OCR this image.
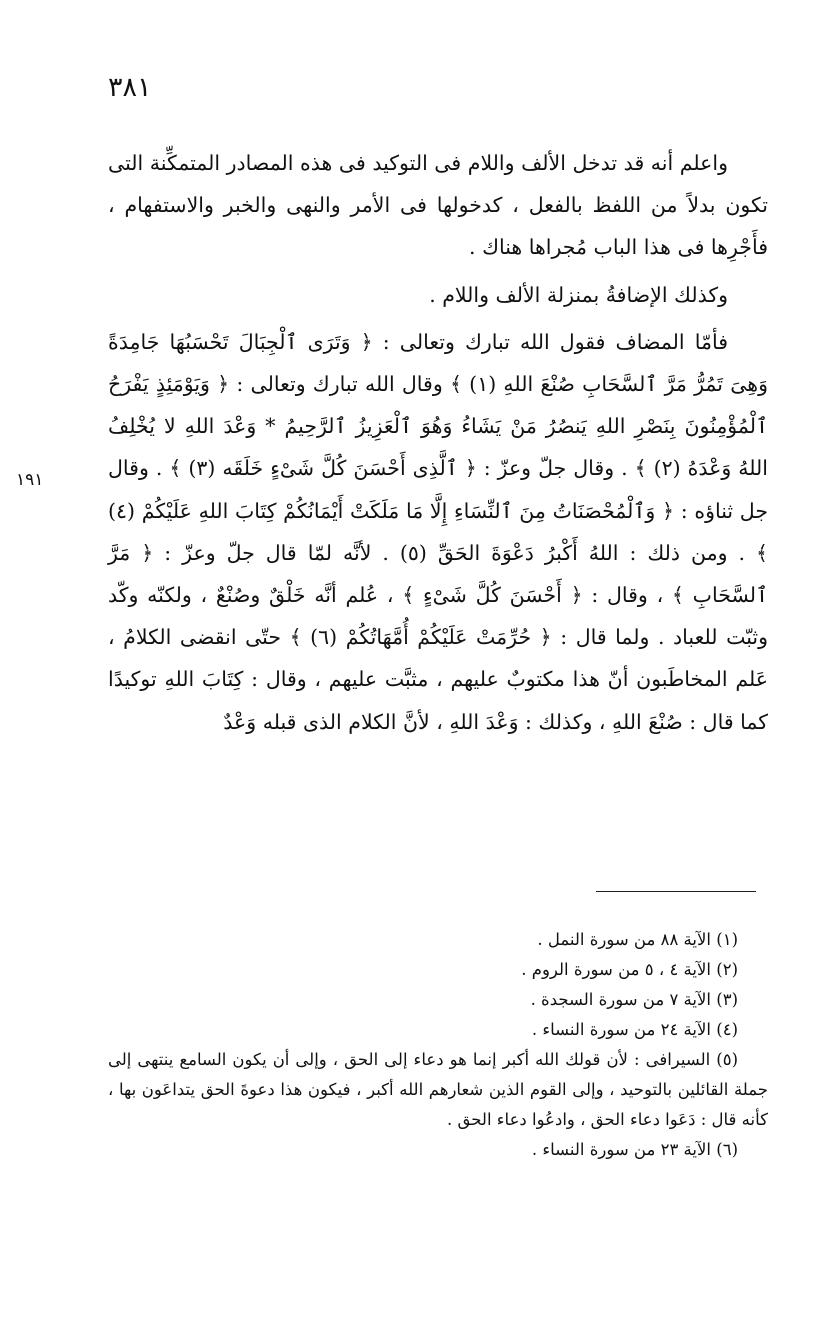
٣٨١
١٩١

واعلم أنه قد تدخل الألف واللام فى التوكيد فى هذه المصادر المتمكِّنة التى تكون بدلاً من اللفظ بالفعل ، كدخولها فى الأمر والنهى والخبر والاستفهام ، فأَجْرِها فى هذا الباب مُجراها هناك .

وكذلك الإضافةُ بمنزلة الألف واللام .

فأمّا المضاف فقول الله تبارك وتعالى : ﴿ وَتَرَى ٱلْجِبَالَ تَحْسَبُهَا جَامِدَةً وَهِىَ تَمُرُّ مَرَّ ٱلسَّحَابِ صُنْعَ اللهِ (١) ﴾ وقال الله تبارك وتعالى : ﴿ وَيَوْمَئِذٍ يَفْرَحُ ٱلْمُؤْمِنُونَ بِنَصْرِ اللهِ يَنصُرُ مَنْ يَشَاءُ وَهُوَ ٱلْعَزِيزُ ٱلرَّحِيمُ * وَعْدَ اللهِ لا يُخْلِفُ اللهُ وَعْدَهُ (٢) ﴾ . وقال جلّ وعزّ : ﴿ ٱلَّذِى أَحْسَنَ كُلَّ شَىْءٍ خَلَقَه (٣) ﴾ . وقال جل ثناؤه : ﴿ وَٱلْمُحْصَنَاتُ مِنَ ٱلنِّسَاءِ إِلَّا مَا مَلَكَتْ أَيْمَانُكُمْ كِتَابَ اللهِ عَلَيْكُمْ (٤) ﴾ . ومن ذلك : اللهُ أَكْبرُ دَعْوَةَ الحَقِّ (٥) . لأنَّه لمّا قال جلّ وعزّ : ﴿ مَرَّ ٱلسَّحَابِ ﴾ ، وقال : ﴿ أَحْسَنَ كُلَّ شَىْءٍ ﴾ ، عُلم أنَّه خَلْقٌ وصُنْعٌ ، ولكنّه وكّد وثبّت للعباد . ولما قال : ﴿ حُرِّمَتْ عَلَيْكُمْ أُمَّهَاتُكُمْ (٦) ﴾ حتّى انقضى الكلامُ ، عَلم المخاطَبون أنّ هذا مكتوبٌ عليهم ، مثبَّت عليهم ، وقال : كِتَابَ اللهِ توكيدًا كما قال : صُنْعَ اللهِ ، وكذلك : وَعْدَ اللهِ ، لأنَّ الكلام الذى قبله وَعْدٌ

(١) الآية ٨٨ من سورة النمل .

(٢) الآية ٤ ، ٥ من سورة الروم .

(٣) الآية ٧ من سورة السجدة .

(٤) الآية ٢٤ من سورة النساء .

(٥) السيرافى : لأن قولك الله أكبر إنما هو دعاء إلى الحق ، وإلى أن يكون السامع ينتهى إلى جملة القائلين بالتوحيد ، وإلى القوم الذين شعارهم الله أكبر ، فيكون هذا دعوةَ الحق يتداعَون بها ، كأنه قال : دَعَوا دعاء الحق ، وادعُوا دعاء الحق .

(٦) الآية ٢٣ من سورة النساء .
